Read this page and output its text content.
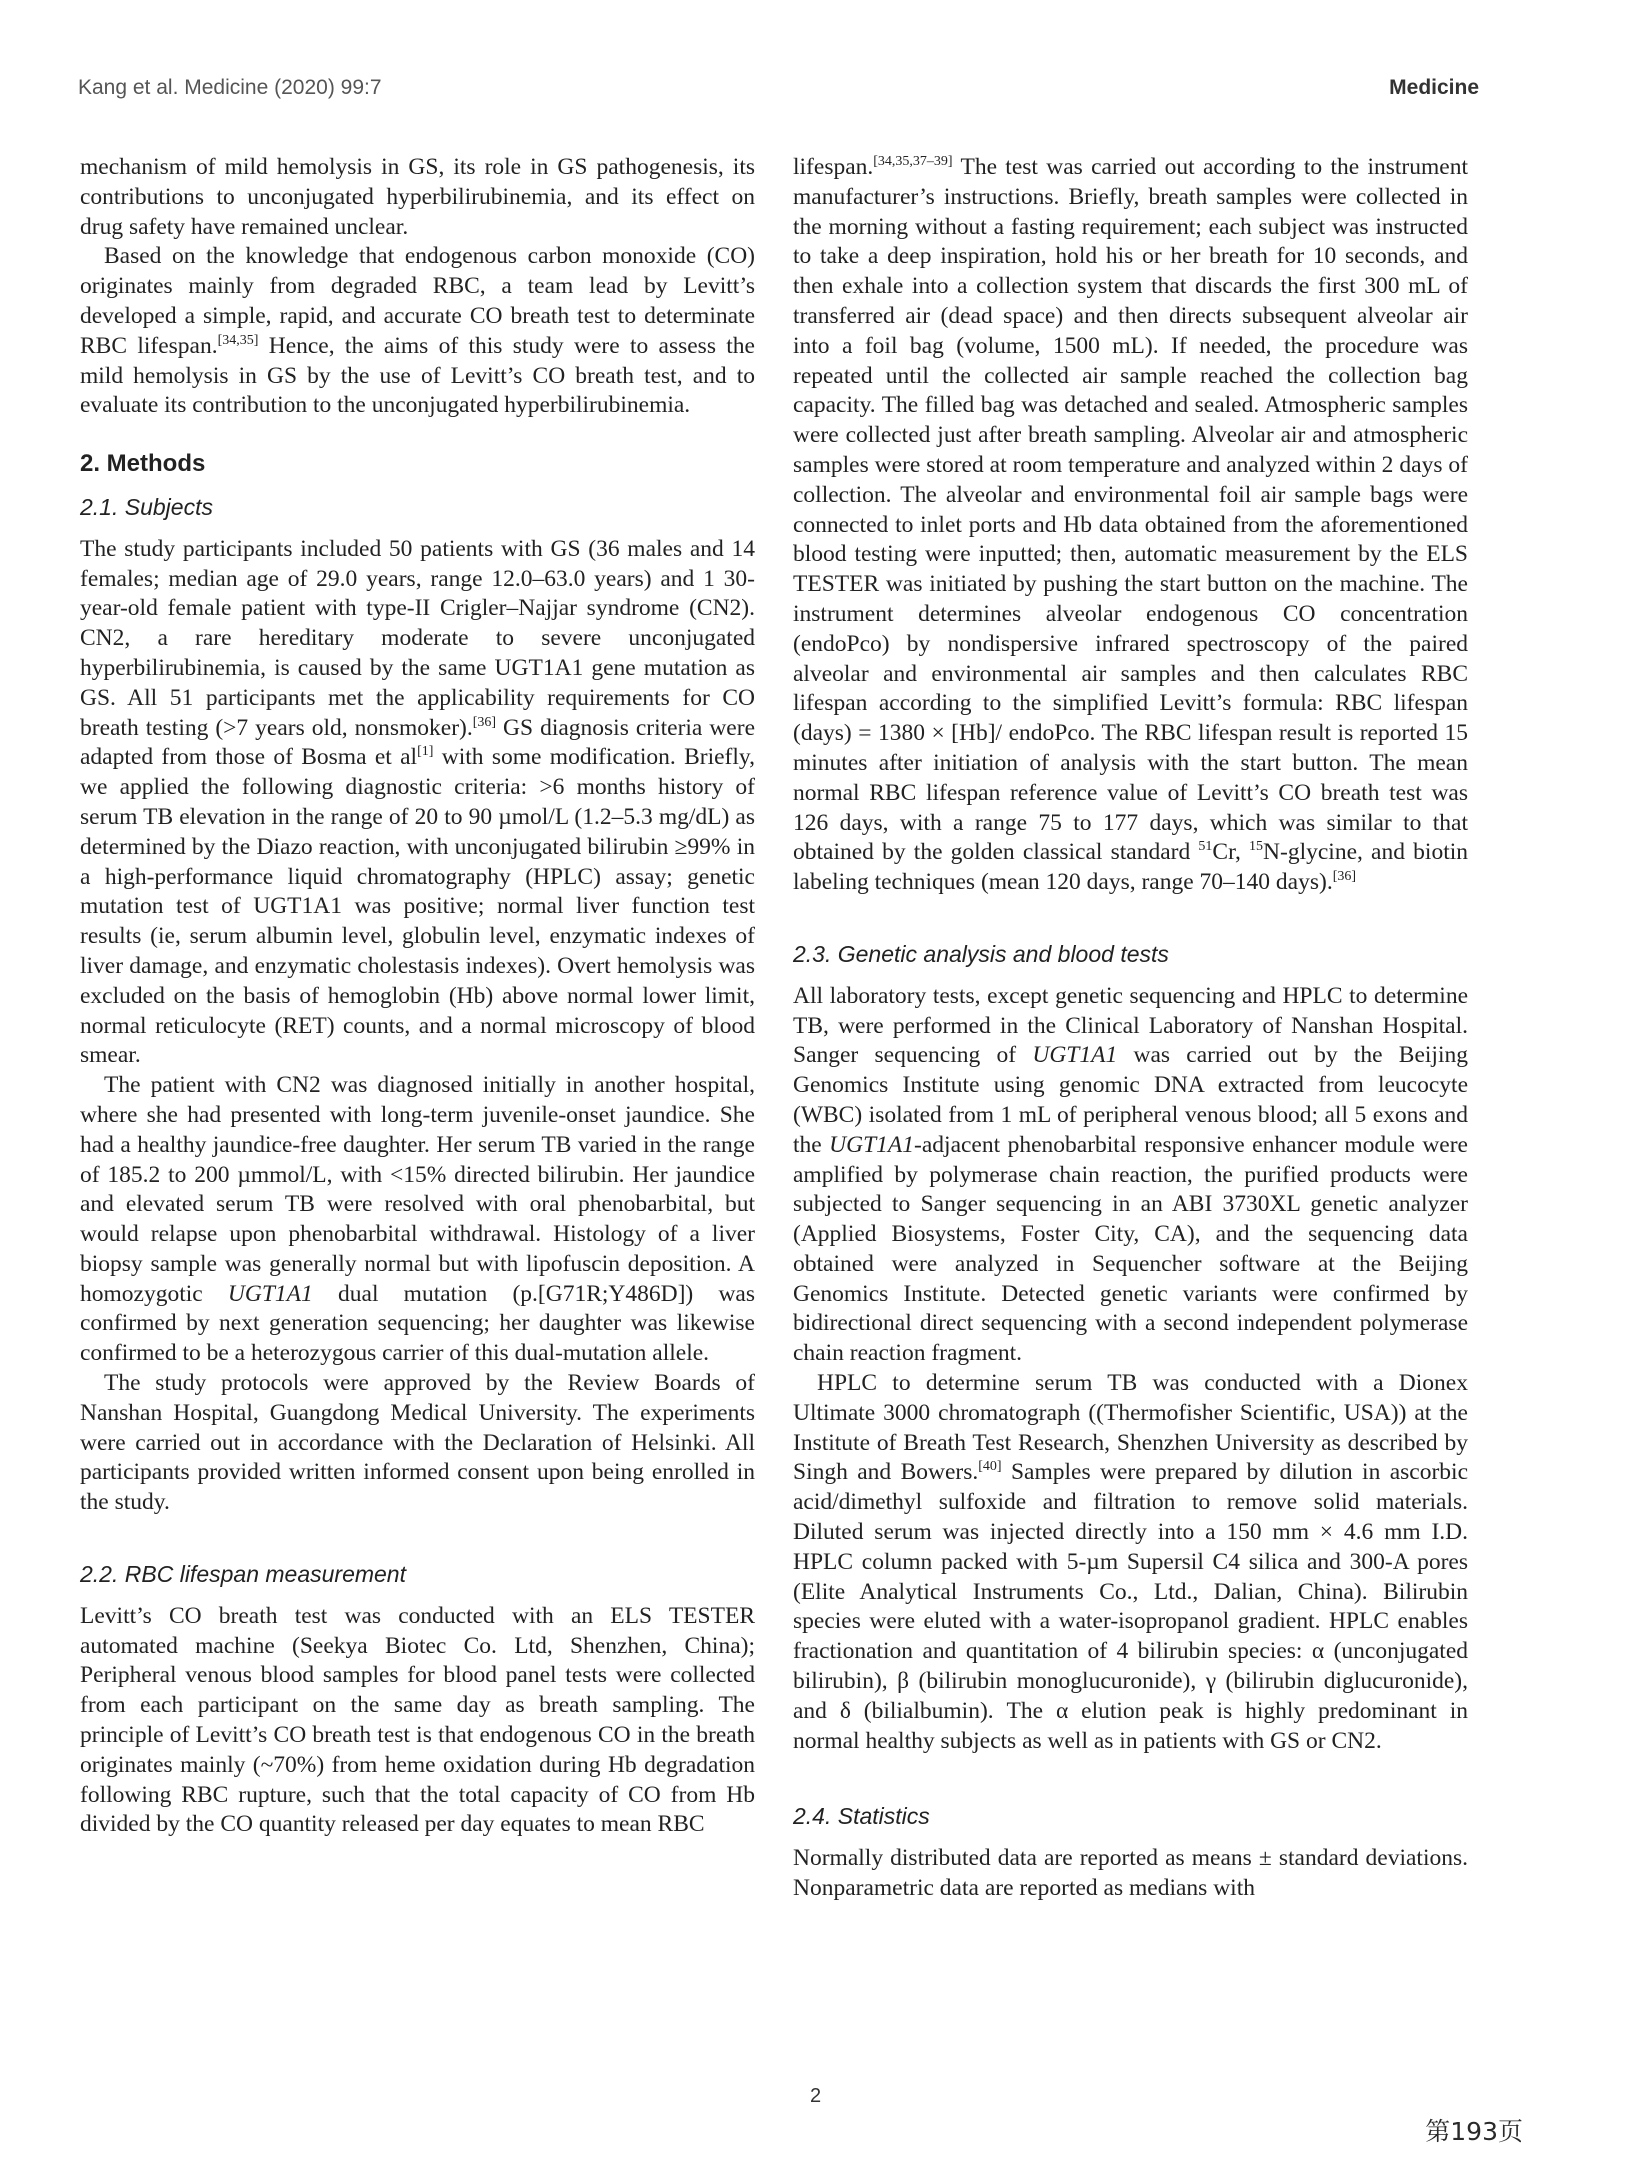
Kang et al. Medicine (2020) 99:7	Medicine

mechanism of mild hemolysis in GS, its role in GS pathogenesis, its contributions to unconjugated hyperbilirubinemia, and its effect on drug safety have remained unclear.

Based on the knowledge that endogenous carbon monoxide (CO) originates mainly from degraded RBC, a team lead by Levitt’s developed a simple, rapid, and accurate CO breath test to determinate RBC lifespan.[34,35] Hence, the aims of this study were to assess the mild hemolysis in GS by the use of Levitt’s CO breath test, and to evaluate its contribution to the unconjugated hyperbilirubinemia.

2. Methods
2.1. Subjects

The study participants included 50 patients with GS (36 males and 14 females; median age of 29.0 years, range 12.0–63.0 years) and 1 30-year-old female patient with type-II Crigler–Najjar syndrome (CN2). CN2, a rare hereditary moderate to severe unconjugated hyperbilirubinemia, is caused by the same UGT1A1 gene mutation as GS. All 51 participants met the applicability requirements for CO breath testing (>7 years old, nonsmoker).[36] GS diagnosis criteria were adapted from those of Bosma et al[1] with some modification. Briefly, we applied the following diagnostic criteria: >6 months history of serum TB elevation in the range of 20 to 90 µmol/L (1.2–5.3 mg/dL) as determined by the Diazo reaction, with unconjugated bilirubin ≥99% in a high-performance liquid chromatography (HPLC) assay; genetic mutation test of UGT1A1 was positive; normal liver function test results (ie, serum albumin level, globulin level, enzymatic indexes of liver damage, and enzymatic cholestasis indexes). Overt hemolysis was excluded on the basis of hemoglobin (Hb) above normal lower limit, normal reticulocyte (RET) counts, and a normal microscopy of blood smear.

The patient with CN2 was diagnosed initially in another hospital, where she had presented with long-term juvenile-onset jaundice. She had a healthy jaundice-free daughter. Her serum TB varied in the range of 185.2 to 200 µmmol/L, with <15% directed bilirubin. Her jaundice and elevated serum TB were resolved with oral phenobarbital, but would relapse upon phenobarbital withdrawal. Histology of a liver biopsy sample was generally normal but with lipofuscin deposition. A homozygotic UGT1A1 dual mutation (p.[G71R;Y486D]) was confirmed by next generation sequencing; her daughter was likewise confirmed to be a heterozygous carrier of this dual-mutation allele.

The study protocols were approved by the Review Boards of Nanshan Hospital, Guangdong Medical University. The experiments were carried out in accordance with the Declaration of Helsinki. All participants provided written informed consent upon being enrolled in the study.

2.2. RBC lifespan measurement

Levitt’s CO breath test was conducted with an ELS TESTER automated machine (Seekya Biotec Co. Ltd, Shenzhen, China); Peripheral venous blood samples for blood panel tests were collected from each participant on the same day as breath sampling. The principle of Levitt’s CO breath test is that endogenous CO in the breath originates mainly (~70%) from heme oxidation during Hb degradation following RBC rupture, such that the total capacity of CO from Hb divided by the CO quantity released per day equates to mean RBC

lifespan.[34,35,37–39] The test was carried out according to the instrument manufacturer’s instructions. Briefly, breath samples were collected in the morning without a fasting requirement; each subject was instructed to take a deep inspiration, hold his or her breath for 10 seconds, and then exhale into a collection system that discards the first 300 mL of transferred air (dead space) and then directs subsequent alveolar air into a foil bag (volume, 1500 mL). If needed, the procedure was repeated until the collected air sample reached the collection bag capacity. The filled bag was detached and sealed. Atmospheric samples were collected just after breath sampling. Alveolar air and atmospheric samples were stored at room temperature and analyzed within 2 days of collection. The alveolar and environmental foil air sample bags were connected to inlet ports and Hb data obtained from the aforementioned blood testing were inputted; then, automatic measurement by the ELS TESTER was initiated by pushing the start button on the machine. The instrument determines alveolar endogenous CO concentration (endoPco) by nondispersive infrared spectroscopy of the paired alveolar and environmental air samples and then calculates RBC lifespan according to the simplified Levitt’s formula: RBC lifespan (days) = 1380 × [Hb]/ endoPco. The RBC lifespan result is reported 15 minutes after initiation of analysis with the start button. The mean normal RBC lifespan reference value of Levitt’s CO breath test was 126 days, with a range 75 to 177 days, which was similar to that obtained by the golden classical standard $^{51}$Cr, $^{15}$N-glycine, and biotin labeling techniques (mean 120 days, range 70–140 days).[36]

2.3. Genetic analysis and blood tests

All laboratory tests, except genetic sequencing and HPLC to determine TB, were performed in the Clinical Laboratory of Nanshan Hospital. Sanger sequencing of UGT1A1 was carried out by the Beijing Genomics Institute using genomic DNA extracted from leucocyte (WBC) isolated from 1 mL of peripheral venous blood; all 5 exons and the UGT1A1-adjacent phenobarbital responsive enhancer module were amplified by polymerase chain reaction, the purified products were subjected to Sanger sequencing in an ABI 3730XL genetic analyzer (Applied Biosystems, Foster City, CA), and the sequencing data obtained were analyzed in Sequencher software at the Beijing Genomics Institute. Detected genetic variants were confirmed by bidirectional direct sequencing with a second independent polymerase chain reaction fragment.

HPLC to determine serum TB was conducted with a Dionex Ultimate 3000 chromatograph ((Thermofisher Scientific, USA)) at the Institute of Breath Test Research, Shenzhen University as described by Singh and Bowers.[40] Samples were prepared by dilution in ascorbic acid/dimethyl sulfoxide and filtration to remove solid materials. Diluted serum was injected directly into a 150 mm × 4.6 mm I.D. HPLC column packed with 5-µm Supersil C4 silica and 300-A pores (Elite Analytical Instruments Co., Ltd., Dalian, China). Bilirubin species were eluted with a water-isopropanol gradient. HPLC enables fractionation and quantitation of 4 bilirubin species: α (unconjugated bilirubin), β (bilirubin monoglucuronide), γ (bilirubin diglucuronide), and δ (bilialbumin). The α elution peak is highly predominant in normal healthy subjects as well as in patients with GS or CN2.

2.4. Statistics

Normally distributed data are reported as means ± standard deviations. Nonparametric data are reported as medians with

2
第193页
